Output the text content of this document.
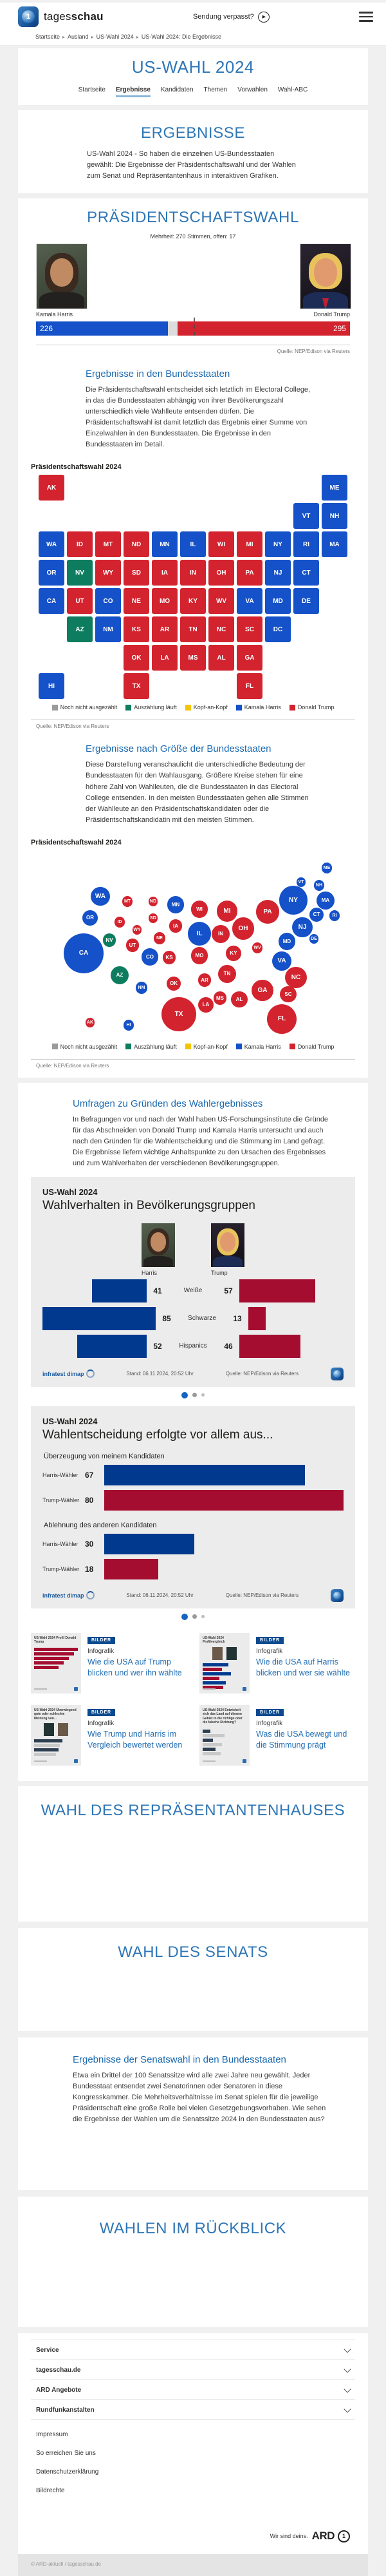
1	tagesschau	Sendung verpasst?	▶
Startseite ▸ Ausland ▸ US-Wahl 2024 ▸ US-Wahl 2024: Die Ergebnisse
US-WAHL 2024
Startseite Ergebnisse Kandidaten Themen Vorwahlen Wahl-ABC
ERGEBNISSE

US-Wahl 2024 - So haben die einzelnen US-Bundesstaaten gewählt: Die Ergebnisse der Präsidentschaftswahl und der Wahlen zum Senat und Repräsentantenhaus in interaktiven Grafiken.

PRÄSIDENTSCHAFTSWAHL
Mehrheit: 270 Stimmen, offen: 17
Kamala Harris	Donald Trump
226	295
Quelle: NEP/Edison via Reuters
Ergebnisse in den Bundesstaaten

Die Präsidentschaftswahl entscheidet sich letztlich im Electoral College, in das die Bundesstaaten abhängig von ihrer Bevölkerungszahl unterschiedlich viele Wahlleute entsenden dürfen. Die Präsidentschaftswahl ist damit letztlich das Ergebnis einer Summe von Einzelwahlen in den Bundesstaaten. Die Ergebnisse in den Bundesstaaten im Detail.

Präsidentschaftswahl 2024
AK	ME
VT	NH
WA	ID	MT	ND	MN	IL	WI	MI	NY	RI	MA
OR	NV	WY	SD	IA	IN	OH	PA	NJ	CT
CA	UT	CO	NE	MO	KY	WV	VA	MD	DE
AZ	NM	KS	AR	TN	NC	SC	DC
OK	LA	MS	AL	GA
HI	TX	FL
Noch nicht ausgezählt	Auszählung läuft	Kopf-an-Kopf	Kamala Harris	Donald Trump
Quelle: NEP/Edison via Reuters
Ergebnisse nach Größe der Bundesstaaten

Diese Darstellung veranschaulicht die unterschiedliche Bedeutung der Bundesstaaten für den Wahlausgang. Größere Kreise stehen für eine höhere Zahl von Wahlleuten, die die Bundesstaaten in das Electoral College entsenden. In den meisten Bundesstaaten gehen alle Stimmen der Wahlleute an den Präsidentschaftskandidaten oder die Präsidentschaftskandidatin mit den meisten Stimmen.

Präsidentschaftswahl 2024
WA
OR
CA
NV
ID
MT
WY
UT
AZ
ND
SD
NE
CO
NM
KS
OK
TX
MN
IA
MO
AR
LA
WI
IL
MS
MI
IN
KY
TN
AL
OH
WV
GA
FL
PA
VA
NC
SC
MD	DE
NJ
NY
CT	RI
MA
VT
NH
ME
AK
HI
Noch nicht ausgezählt	Auszählung läuft	Kopf-an-Kopf	Kamala Harris	Donald Trump
Quelle: NEP/Edison via Reuters
Umfragen zu Gründen des Wahlergebnisses

In Befragungen vor und nach der Wahl haben US-Forschungsinstitute die Gründe für das Abschneiden von Donald Trump und Kamala Harris untersucht und auch nach den Gründen für die Wahlentscheidung und die Stimmung im Land gefragt. Die Ergebnisse liefern wichtige Anhaltspunkte zu den Ursachen des Ergebnisses und zum Wahlverhalten der verschiedenen Bevölkerungsgruppen.

US-Wahl 2024
Wahlverhalten in Bevölkerungsgruppen
Harris	Trump
41	Weiße	57
85	Schwarze	13
52	Hispanics	46
infratest dimap	Stand: 06.11.2024, 20:52 Uhr	Quelle: NEP/Edison via Reuters
US-Wahl 2024
Wahlentscheidung erfolgte vor allem aus...
Überzeugung von meinem Kandidaten
Harris-Wähler 67
Trump-Wähler 80
Ablehnung des anderen Kandidaten
Harris-Wähler 30
Trump-Wähler 18
infratest dimap	Stand: 06.11.2024, 20:52 Uhr	Quelle: NEP/Edison via Reuters
US-Wahl 2024 Profil Donald Trump	BILDER
Infografik
Wie die USA auf Trump blicken und wer ihn wählte
US-Wahl 2024 Profilvergleich	BILDER
Infografik
Wie die USA auf Harris blicken und wer sie wählte
US-Wahl 2024 Überwiegend gute oder schlechte Meinung von...
BILDER
Infografik
Wie Trump und Harris im Vergleich bewertet werden
US-Wahl 2024 Entwickelt sich das Land auf diesem Gebiet in die richtige oder die falsche Richtung?
BILDER
Infografik
Was die USA bewegt und die Stimmung prägt
WAHL DES REPRÄSENTANTENHAUSES
WAHL DES SENATS
Ergebnisse der Senatswahl in den Bundesstaaten

Etwa ein Drittel der 100 Senatssitze wird alle zwei Jahre neu gewählt. Jeder Bundesstaat entsendet zwei Senatorinnen oder Senatoren in diese Kongresskammer. Die Mehrheitsverhältnisse im Senat spielen für die jeweilige Präsidentschaft eine große Rolle bei vielen Gesetzgebungsvorhaben. Wie sehen die Ergebnisse der Wahlen um die Senatssitze 2024 in den Bundesstaaten aus?

WAHLEN IM RÜCKBLICK
Service
tagesschau.de
ARD Angebote
Rundfunkanstalten
Impressum
So erreichen Sie uns
Datenschutzerklärung
Bildrechte
Wir sind deins. ARD	1
© ARD-aktuell / tagesschau.de
